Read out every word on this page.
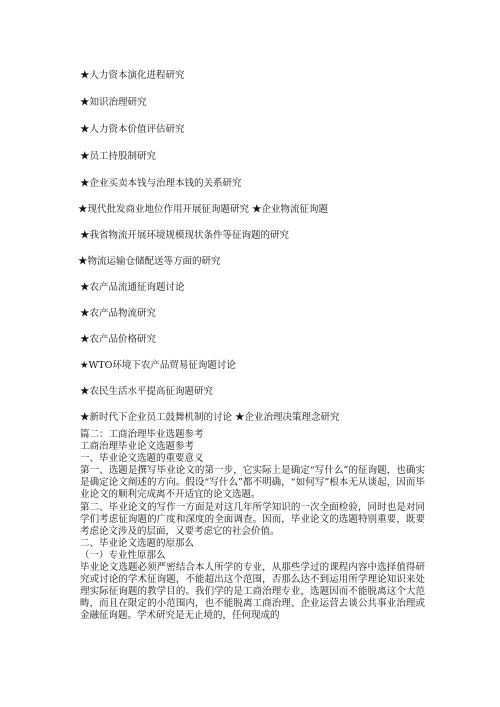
★人力资本演化进程研究
★知识治理研究
★人力资本价值评估研究
★员工持股制研究
★企业买卖本钱与治理本钱的关系研究
★现代批发商业地位作用开展征询题研究 ★企业物流征询题
★我省物流开展环境规模现状条件等征询题的研究
★物流运输仓储配送等方面的研究
★农产品流通征询题讨论
★农产品物流研究
★农产品价格研究
★WTO环境下农产品贸易征询题讨论
★农民生活水平提高征询题研究
★新时代下企业员工鼓舞机制的讨论 ★企业治理决策理念研究

篇二：工商治理毕业选题参考

工商治理毕业论文选题参考

一、毕业论文选题的重要意义

第一、选题是撰写毕业论文的第一步，它实际上是确定“写什么”的征询题，也确实是确定论文阐述的方向。假设“写什么”都不明确，“如何写”根本无从谈起，因而毕业论文的顺利完成离不开适宜的论文选题。

第二、毕业论文的写作一方面是对这几年所学知识的一次全面检验，同时也是对同学们考虑征询题的广度和深度的全面调查。因而，毕业论文的选题特别重要，既要考虑论文涉及的层面，又要考虑它的社会价值。

二、毕业论文选题的原那么

（一）专业性原那么

毕业论文选题必须严密结合本人所学的专业，从那些学过的课程内容中选择值得研究或讨论的学术征询题，不能超出这个范围，否那么达不到运用所学理论知识来处理实际征询题的教学目的。我们学的是工商治理专业，选题因而不能脱离这个大范畴，而且在限定的小范围内，也不能脱离工商治理、企业运营去谈公共事业治理或金融征询题。学术研究是无止境的，任何现成的
